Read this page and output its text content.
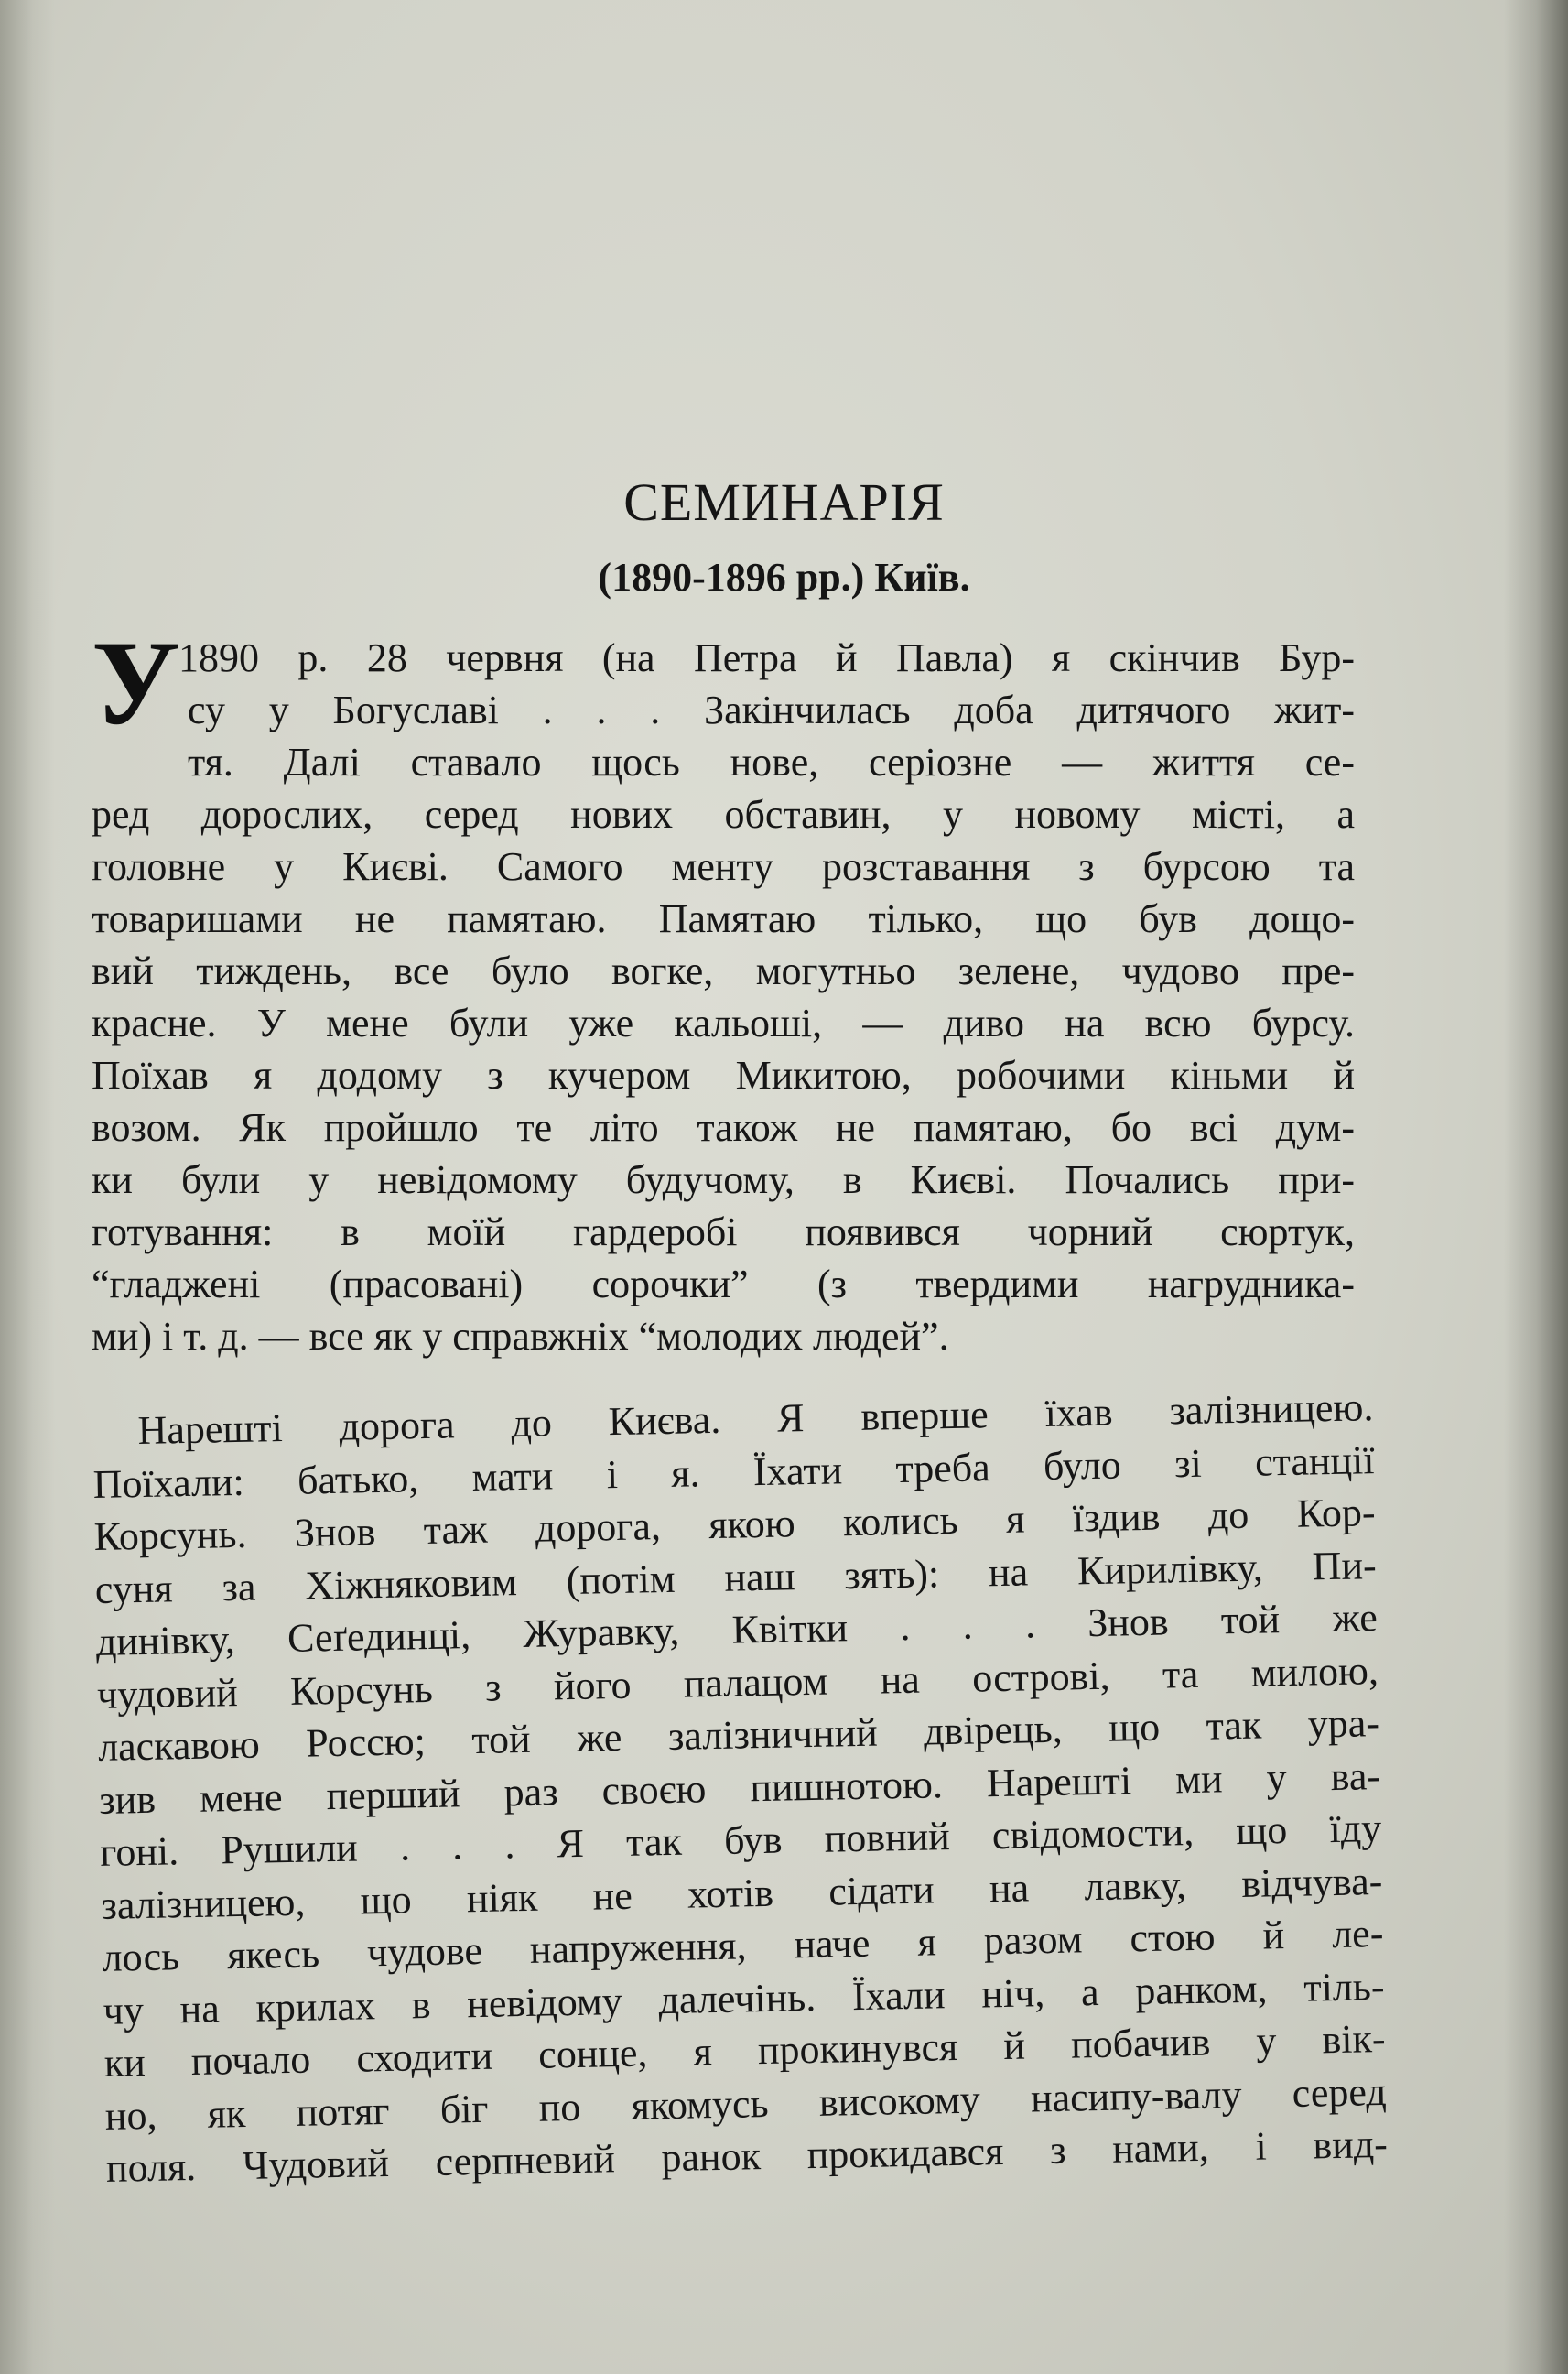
СЕМИНАРІЯ
(1890-1896 рр.) Київ.
У
1890 р. 28 червня (на Петра й Павла) я скінчив Бур-
су у Богуславі . . . Закінчилась доба дитячого жит-
тя. Далі ставало щось нове, серіозне — життя се-
ред дорослих, серед нових обставин, у новому місті, а
головне у Києві. Самого менту розставання з бурсою та
товаришами не памятаю. Памятаю тілько, що був дощо-
вий тиждень, все було вогке, могутньо зелене, чудово пре-
красне. У мене були уже кальоші, — диво на всю бурсу.
Поїхав я додому з кучером Микитою, робочими кіньми й
возом. Як пройшло те літо також не памятаю, бо всі дум-
ки були у невідомому будучому, в Києві. Почались при-
готування: в моїй гардеробі появився чорний сюртук,
“гладжені (прасовані) сорочки” (з твердими нагрудника-
ми) і т. д. — все як у справжніх “молодих людей”.
Нарешті дорога до Києва. Я вперше їхав залізницею.
Поїхали: батько, мати і я. Їхати треба було зі станції
Корсунь. Знов таж дорога, якою колись я їздив до Кор-
суня за Хіжняковим (потім наш зять): на Кирилівку, Пи-
динівку, Сеґединці, Журавку, Квітки . . . Знов той же
чудовий Корсунь з його палацом на острові, та милою,
ласкавою Россю; той же залізничний двірець, що так ура-
зив мене перший раз своєю пишнотою. Нарешті ми у ва-
гоні. Рушили . . . Я так був повний свідомости, що їду
залізницею, що ніяк не хотів сідати на лавку, відчува-
лось якесь чудове напруження, наче я разом стою й ле-
чу на крилах в невідому далечінь. Їхали ніч, а ранком, тіль-
ки почало сходити сонце, я прокинувся й побачив у вік-
но, як потяг біг по якомусь високому насипу-валу серед
поля. Чудовий серпневий ранок прокидався з нами, і вид-
